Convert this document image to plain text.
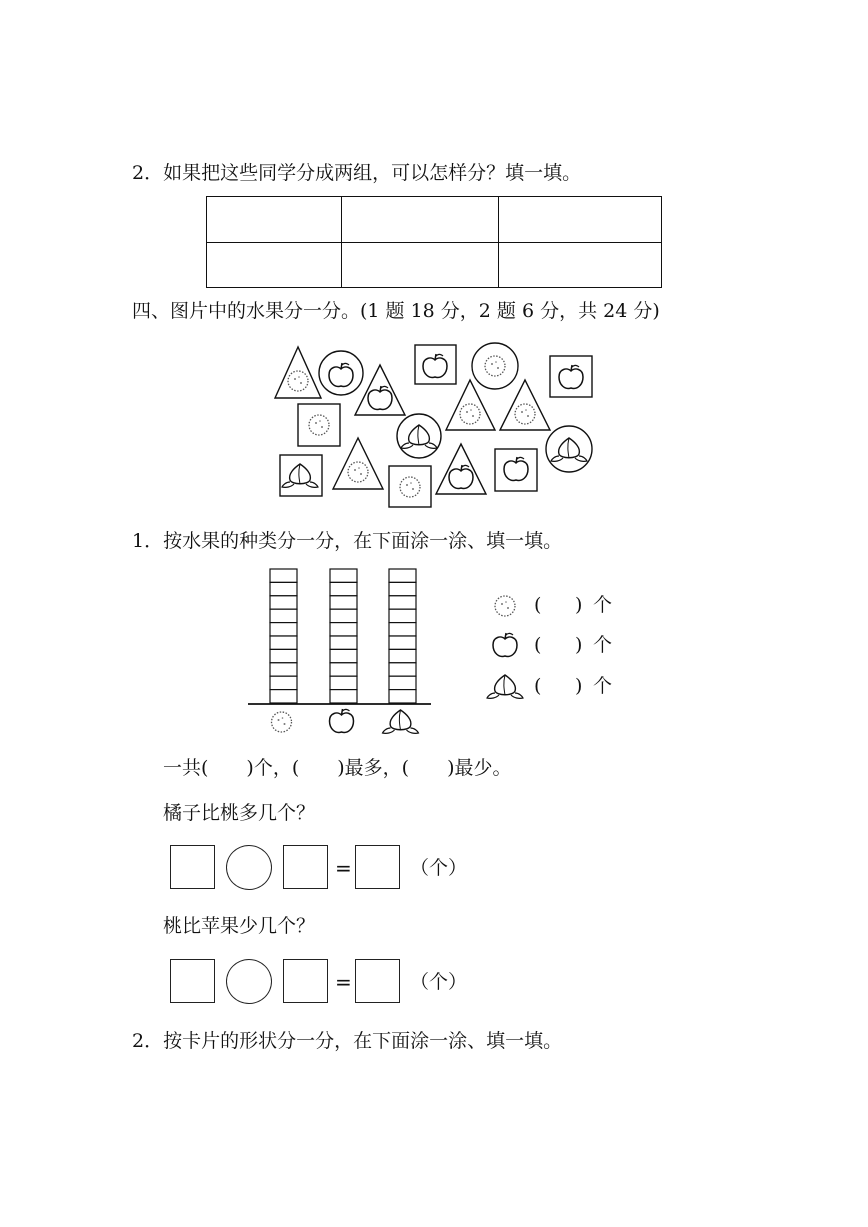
2．如果把这些同学分成两组，可以怎样分？填一填。

四、图片中的水果分一分。(1 题 18 分，2 题 6 分，共 24 分)
1．按水果的种类分一分，在下面涂一涂、填一填。
( ) 个
( ) 个
( ) 个
一共(　　)个，(　　)最多，(　　)最少。
橘子比桃多几个？
=	（个）
桃比苹果少几个？
=	（个）
2．按卡片的形状分一分，在下面涂一涂、填一填。
